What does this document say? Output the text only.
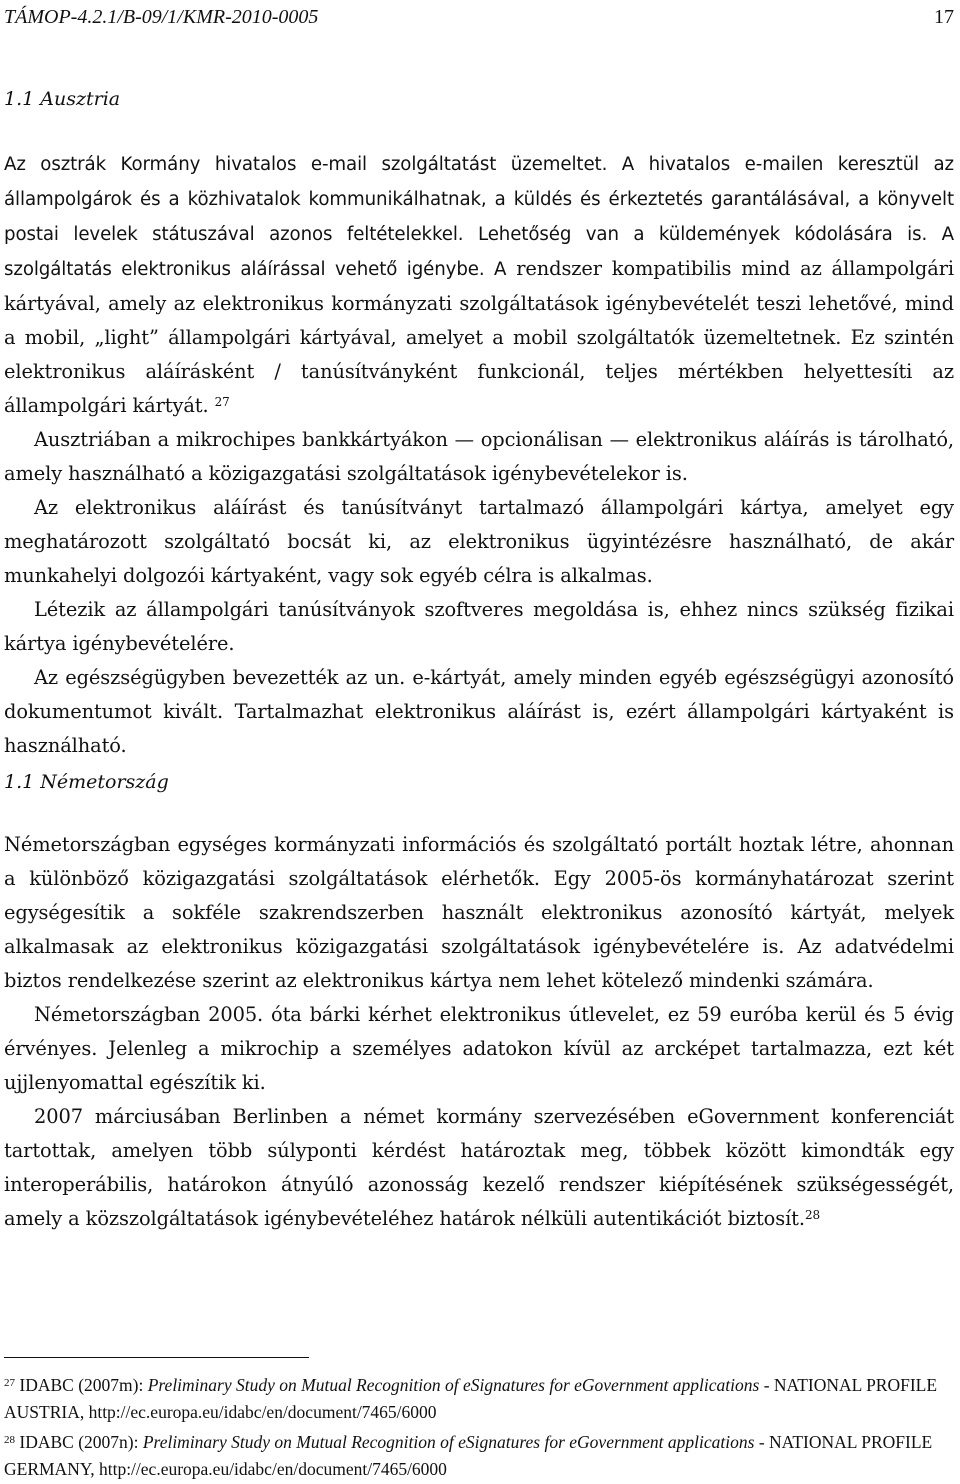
TÁMOP-4.2.1/B-09/1/KMR-2010-0005	17
1.1 Ausztria

Az osztrák Kormány hivatalos e-mail szolgáltatást üzemeltet. A hivatalos e-mailen keresztül az állampolgárok és a közhivatalok kommunikálhatnak, a küldés és érkeztetés garantálásával, a könyvelt postai levelek státuszával azonos feltételekkel. Lehetőség van a küldemények kódolására is. A szolgáltatás elektronikus aláírással vehető igénybe. A rendszer kompatibilis mind az állampolgári kártyával, amely az elektronikus kormányzati szolgáltatások igénybevételét teszi lehetővé, mind a mobil, „light” állampolgári kártyával, amelyet a mobil szolgáltatók üzemeltetnek. Ez szintén elektronikus aláírásként / tanúsítványként funkcionál, teljes mértékben helyettesíti az állampolgári kártyát. $^{27}$

Ausztriában a mikrochipes bankkártyákon — opcionálisan — elektronikus aláírás is tárolható, amely használható a közigazgatási szolgáltatások igénybevételekor is.

Az elektronikus aláírást és tanúsítványt tartalmazó állampolgári kártya, amelyet egy meghatározott szolgáltató bocsát ki, az elektronikus ügyintézésre használható, de akár munkahelyi dolgozói kártyaként, vagy sok egyéb célra is alkalmas.

Létezik az állampolgári tanúsítványok szoftveres megoldása is, ehhez nincs szükség fizikai kártya igénybevételére.

Az egészségügyben bevezették az un. e-kártyát, amely minden egyéb egészségügyi azonosító dokumentumot kivált. Tartalmazhat elektronikus aláírást is, ezért állampolgári kártyaként is használható.

1.1 Németország

Németországban egységes kormányzati információs és szolgáltató portált hoztak létre, ahonnan a különböző közigazgatási szolgáltatások elérhetők. Egy 2005-ös kormányhatározat szerint egységesítik a sokféle szakrendszerben használt elektronikus azonosító kártyát, melyek alkalmasak az elektronikus közigazgatási szolgáltatások igénybevételére is. Az adatvédelmi biztos rendelkezése szerint az elektronikus kártya nem lehet kötelező mindenki számára.

Németországban 2005. óta bárki kérhet elektronikus útlevelet, ez 59 euróba kerül és 5 évig érvényes. Jelenleg a mikrochip a személyes adatokon kívül az arcképet tartalmazza, ezt két ujjlenyomattal egészítik ki.

2007 márciusában Berlinben a német kormány szervezésében eGovernment konferenciát tartottak, amelyen több súlyponti kérdést határoztak meg, többek között kimondták egy interoperábilis, határokon átnyúló azonosság kezelő rendszer kiépítésének szükségességét, amely a közszolgáltatások igénybevételéhez határok nélküli autentikációt biztosít.$^{28}$

$^{27}$ IDABC (2007m): Preliminary Study on Mutual Recognition of eSignatures for eGovernment applications - NATIONAL PROFILE AUSTRIA, http://ec.europa.eu/idabc/en/document/7465/6000
$^{28}$ IDABC (2007n): Preliminary Study on Mutual Recognition of eSignatures for eGovernment applications - NATIONAL PROFILE GERMANY, http://ec.europa.eu/idabc/en/document/7465/6000
